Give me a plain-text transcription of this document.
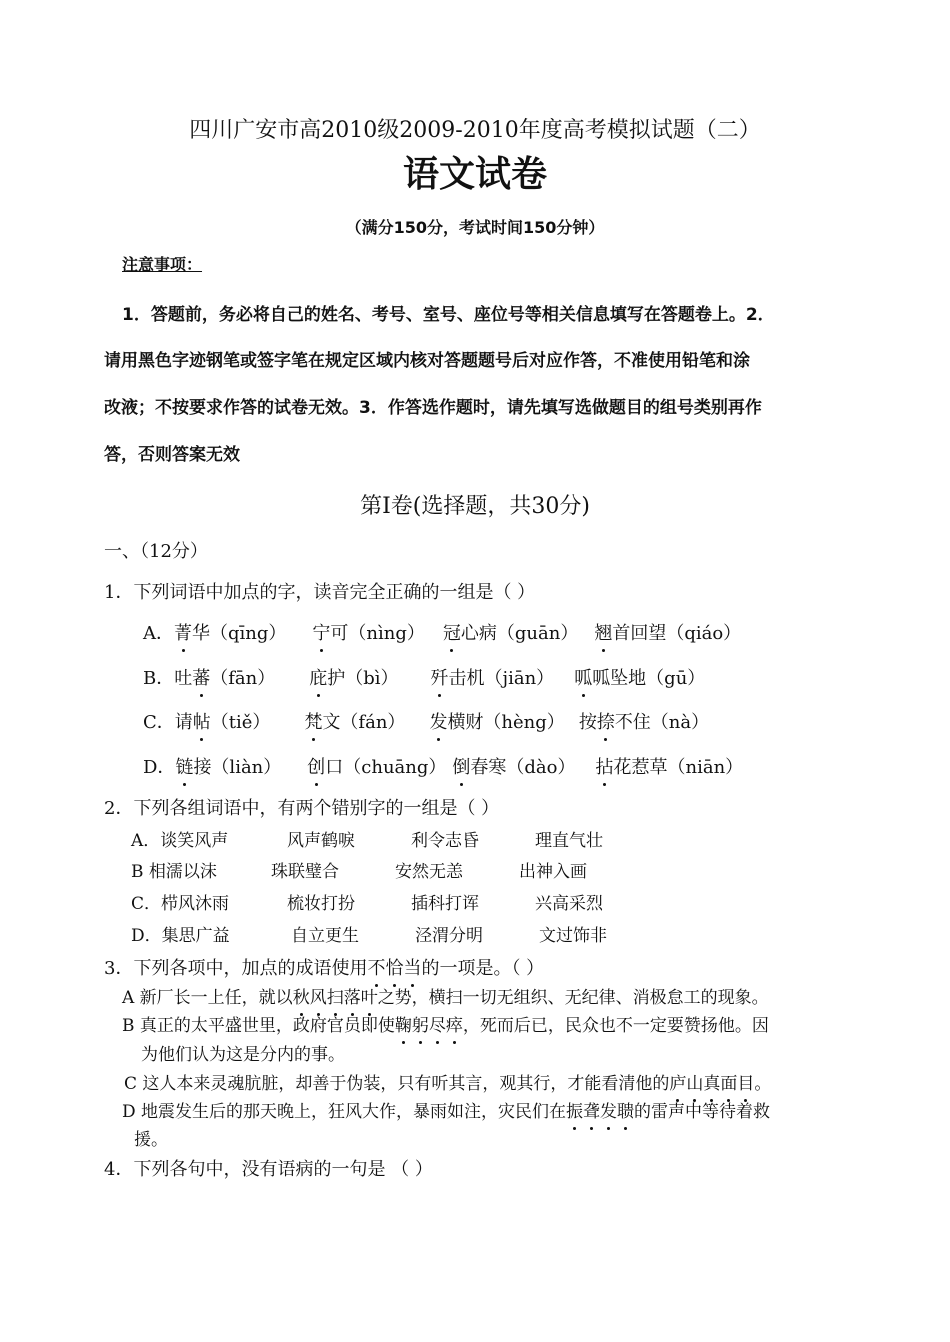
四川广安市高2010级2009-2010年度高考模拟试题（二）
语文试卷
（满分150分，考试时间150分钟）
注意事项：
1．答题前，务必将自己的姓名、考号、室号、座位号等相关信息填写在答题卷上。2．
请用黑色字迹钢笔或签字笔在规定区域内核对答题题号后对应作答，不准使用铅笔和涂
改液；不按要求作答的试卷无效。3．作答选作题时，请先填写选做题目的组号类别再作
答，否则答案无效
第Ⅰ卷(选择题，共30分)
一、（12分）
1．下列词语中加点的字，读音完全正确的一组是（ ）
A．菁华（qīng） 宁可（nìng） 冠心病（guān） 翘首回望（qiáo）
B．吐蕃（fān） 庇护（bì） 歼击机（jiān） 呱呱坠地（gū）
C．请帖（tiě） 梵文（fán） 发横财（hèng） 按捺不住（nà）
D．链接（liàn） 创口（chuāng） 倒春寒（dào） 拈花惹草（niān）
2．下列各组词语中，有两个错别字的一组是（ ）
A．谈笑风声	风声鹤唳	利令志昏	理直气壮
B 相濡以沫	珠联璧合	安然无恙	出神入画
C．栉风沐雨	梳妆打扮	插科打诨	兴高采烈
D．集思广益	自立更生	泾渭分明	文过饰非
3．下列各项中，加点的成语使用不恰当的一项是。（ ）
A 新厂长一上任，就以秋风扫落叶之势，横扫一切无组织、无纪律、消极怠工的现象。
B 真正的太平盛世里，政府官员即使鞠躬尽瘁，死而后已，民众也不一定要赞扬他。因
为他们认为这是分内的事。
C 这人本来灵魂肮脏，却善于伪装，只有听其言，观其行，才能看清他的庐山真面目。
D 地震发生后的那天晚上，狂风大作，暴雨如注，灾民们在振聋发聩的雷声中等待着救
援。
4．下列各句中，没有语病的一句是 （ ）
